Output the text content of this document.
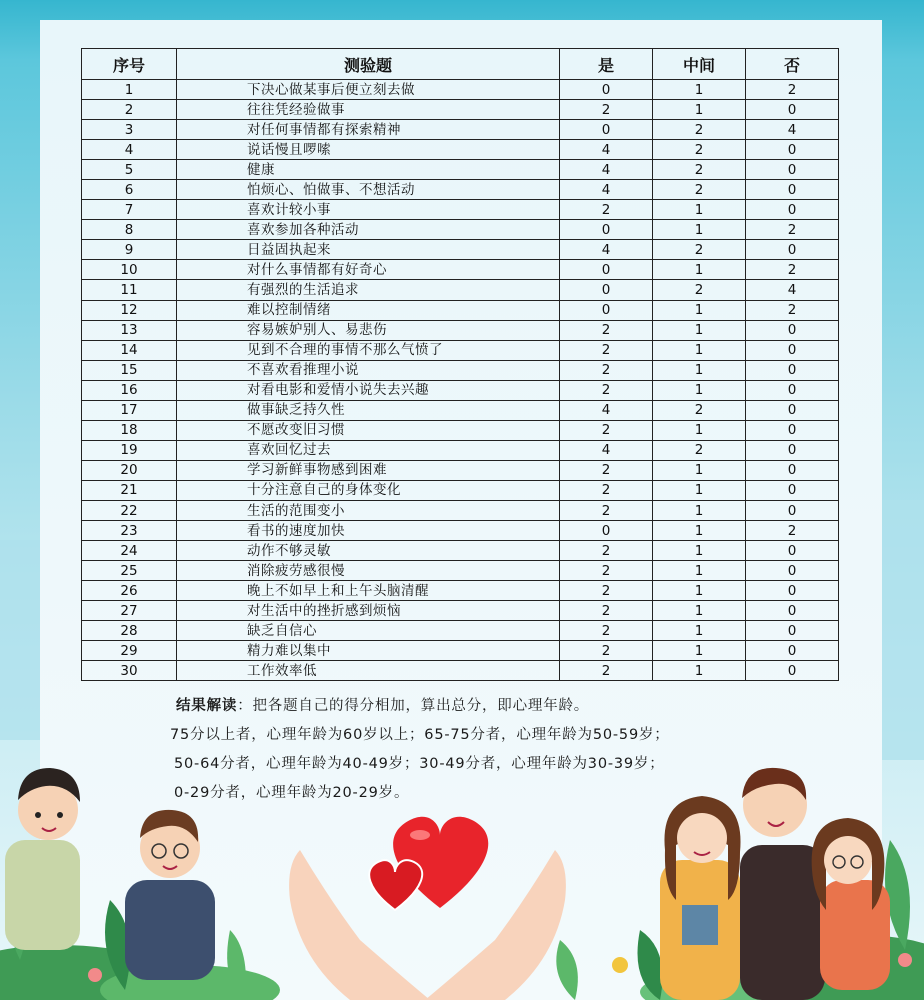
序号	测验题	是	中间	否
1	下决心做某事后便立刻去做	0	1	2
2	往往凭经验做事	2	1	0
3	对任何事情都有探索精神	0	2	4
4	说话慢且啰嗦	4	2	0
5	健康	4	2	0
6	怕烦心、怕做事、不想活动	4	2	0
7	喜欢计较小事	2	1	0
8	喜欢参加各种活动	0	1	2
9	日益固执起来	4	2	0
10	对什么事情都有好奇心	0	1	2
11	有强烈的生活追求	0	2	4
12	难以控制情绪	0	1	2
13	容易嫉妒别人、易悲伤	2	1	0
14	见到不合理的事情不那么气愤了	2	1	0
15	不喜欢看推理小说	2	1	0
16	对看电影和爱情小说失去兴趣	2	1	0
17	做事缺乏持久性	4	2	0
18	不愿改变旧习惯	2	1	0
19	喜欢回忆过去	4	2	0
20	学习新鲜事物感到困难	2	1	0
21	十分注意自己的身体变化	2	1	0
22	生活的范围变小	2	1	0
23	看书的速度加快	0	1	2
24	动作不够灵敏	2	1	0
25	消除疲劳感很慢	2	1	0
26	晚上不如早上和上午头脑清醒	2	1	0
27	对生活中的挫折感到烦恼	2	1	0
28	缺乏自信心	2	1	0
29	精力难以集中	2	1	0
30	工作效率低	2	1	0
结果解读：把各题自己的得分相加，算出总分，即心理年龄。
75分以上者，心理年龄为60岁以上；65-75分者，心理年龄为50-59岁；
50-64分者，心理年龄为40-49岁；30-49分者，心理年龄为30-39岁；
0-29分者，心理年龄为20-29岁。
